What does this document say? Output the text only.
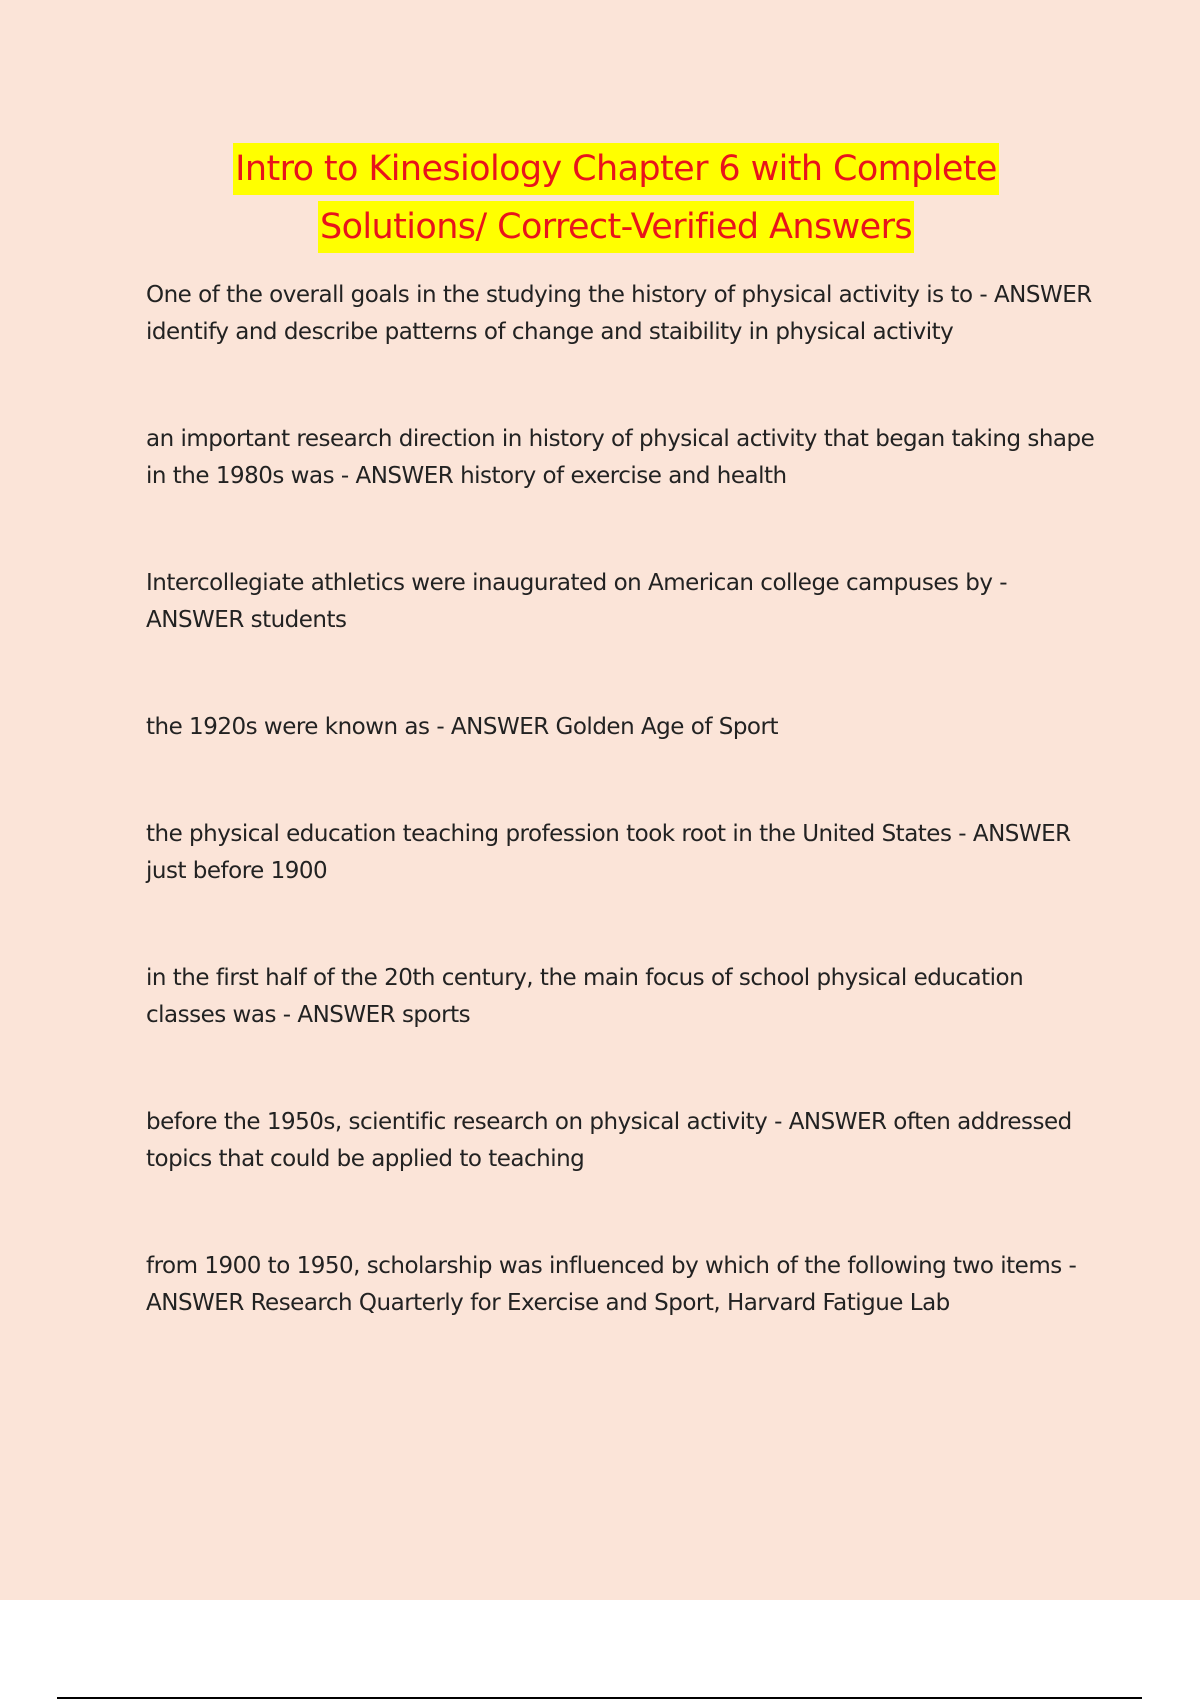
Intro to Kinesiology Chapter 6 with Complete
Solutions/ Correct-Verified Answers

One of the overall goals in the studying the history of physical activity is to - ANSWER identify and describe patterns of change and staibility in physical activity

an important research direction in history of physical activity that began taking shape in the 1980s was - ANSWER history of exercise and health

Intercollegiate athletics were inaugurated on American college campuses by - ANSWER students

the 1920s were known as - ANSWER Golden Age of Sport

the physical education teaching profession took root in the United States - ANSWER just before 1900

in the first half of the 20th century, the main focus of school physical education classes was - ANSWER sports

before the 1950s, scientific research on physical activity - ANSWER often addressed topics that could be applied to teaching

from 1900 to 1950, scholarship was influenced by which of the following two items - ANSWER Research Quarterly for Exercise and Sport, Harvard Fatigue Lab
